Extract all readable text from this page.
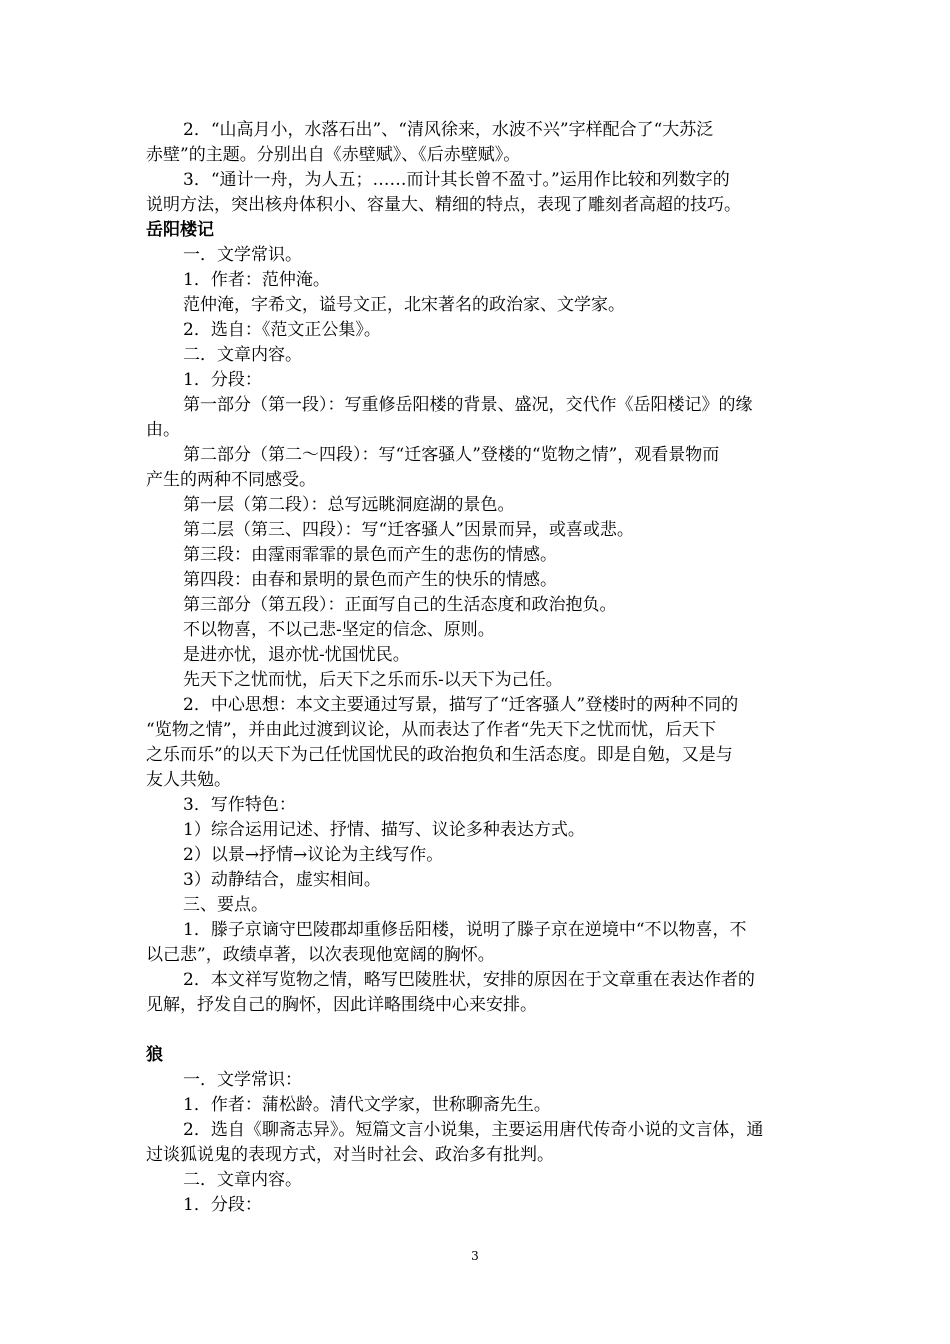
2．“山高月小，水落石出”、“清风徐来，水波不兴”字样配合了“大苏泛
赤壁”的主题。分别出自《赤壁赋》、《后赤壁赋》。
3．“通计一舟，为人五；……而计其长曾不盈寸。”运用作比较和列数字的
说明方法，突出核舟体积小、容量大、精细的特点，表现了雕刻者高超的技巧。
岳阳楼记
一．文学常识。
1．作者：范仲淹。
范仲淹，字希文，谥号文正，北宋著名的政治家、文学家。
2．选自：《范文正公集》。
二．文章内容。
1．分段：
第一部分（第一段）：写重修岳阳楼的背景、盛况，交代作《岳阳楼记》的缘
由。
第二部分（第二～四段）：写“迁客骚人”登楼的“览物之情”，观看景物而
产生的两种不同感受。
第一层（第二段）：总写远眺洞庭湖的景色。
第二层（第三、四段）：写“迁客骚人”因景而异，或喜或悲。
第三段：由霪雨霏霏的景色而产生的悲伤的情感。
第四段：由春和景明的景色而产生的快乐的情感。
第三部分（第五段）：正面写自己的生活态度和政治抱负。
不以物喜，不以己悲-坚定的信念、原则。
是进亦忧，退亦忧-忧国忧民。
先天下之忧而忧，后天下之乐而乐-以天下为己任。
2．中心思想：本文主要通过写景，描写了“迁客骚人”登楼时的两种不同的
“览物之情”，并由此过渡到议论，从而表达了作者“先天下之忧而忧，后天下
之乐而乐”的以天下为己任忧国忧民的政治抱负和生活态度。即是自勉，又是与
友人共勉。
3．写作特色：
1）综合运用记述、抒情、描写、议论多种表达方式。
2）以景→抒情→议论为主线写作。
3）动静结合，虚实相间。
三、要点。
1．滕子京谪守巴陵郡却重修岳阳楼，说明了滕子京在逆境中“不以物喜，不
以己悲”，政绩卓著，以次表现他宽阔的胸怀。
2．本文祥写览物之情，略写巴陵胜状，安排的原因在于文章重在表达作者的
见解，抒发自己的胸怀，因此详略围绕中心来安排。
狼
一．文学常识：
1．作者：蒲松龄。清代文学家，世称聊斋先生。
2．选自《聊斋志异》。短篇文言小说集，主要运用唐代传奇小说的文言体，通
过谈狐说鬼的表现方式，对当时社会、政治多有批判。
二．文章内容。
1．分段：
3
